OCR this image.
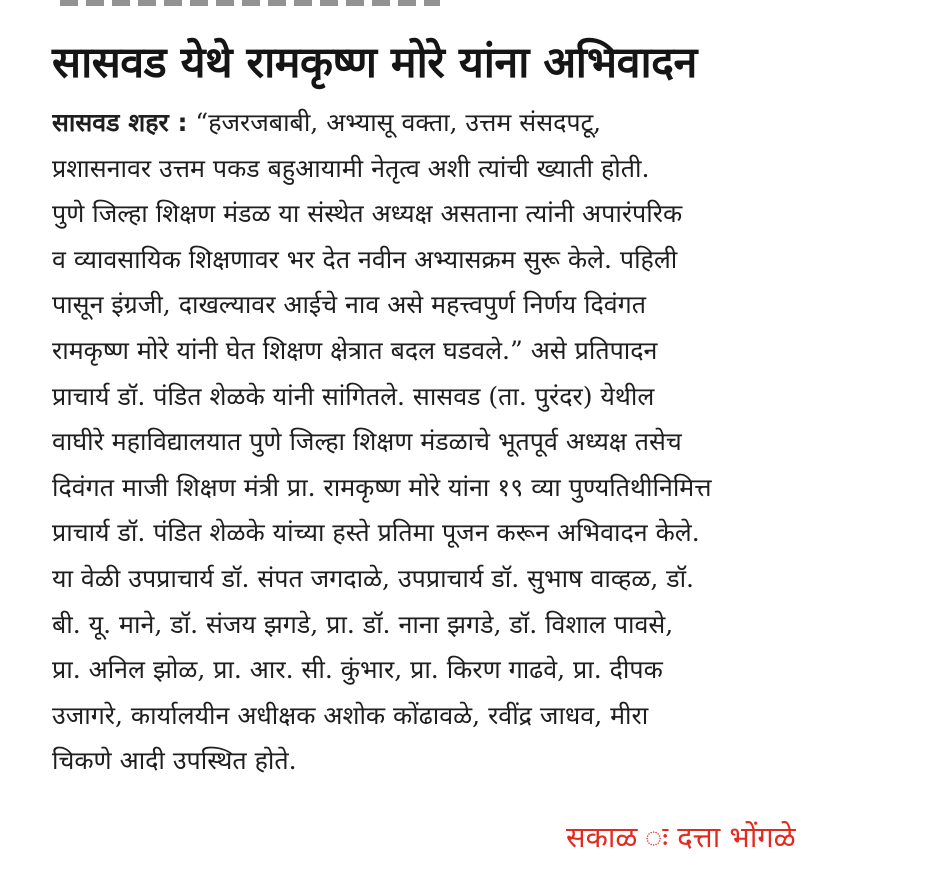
सासवड येथे रामकृष्ण मोरे यांना अभिवादन
सासवड शहर : “हजरजबाबी, अभ्यासू वक्ता, उत्तम संसदपटू,
प्रशासनावर उत्तम पकड बहुआयामी नेतृत्व अशी त्यांची ख्याती होती.
पुणे जिल्हा शिक्षण मंडळ या संस्थेत अध्यक्ष असताना त्यांनी अपारंपरिक
व व्यावसायिक शिक्षणावर भर देत नवीन अभ्यासक्रम सुरू केले. पहिली
पासून इंग्रजी, दाखल्यावर आईचे नाव असे महत्त्वपुर्ण निर्णय दिवंगत
रामकृष्ण मोरे यांनी घेत शिक्षण क्षेत्रात बदल घडवले.” असे प्रतिपादन
प्राचार्य डॉ. पंडित शेळके यांनी सांगितले. सासवड (ता. पुरंदर) येथील
वाघीरे महाविद्यालयात पुणे जिल्हा शिक्षण मंडळाचे भूतपूर्व अध्यक्ष तसेच
दिवंगत माजी शिक्षण मंत्री प्रा. रामकृष्ण मोरे यांना १९ व्या पुण्यतिथीनिमित्त
प्राचार्य डॉ. पंडित शेळके यांच्या हस्ते प्रतिमा पूजन करून अभिवादन केले.
या वेळी उपप्राचार्य डॉ. संपत जगदाळे, उपप्राचार्य डॉ. सुभाष वाव्हळ, डॉ.
बी. यू. माने, डॉ. संजय झगडे, प्रा. डॉ. नाना झगडे, डॉ. विशाल पावसे,
प्रा. अनिल झोळ, प्रा. आर. सी. कुंभार, प्रा. किरण गाढवे, प्रा. दीपक
उजागरे, कार्यालयीन अधीक्षक अशोक कोंढावळे, रवींद्र जाधव, मीरा
चिकणे आदी उपस्थित होते.
सकाळ ः दत्ता भोंगळे
